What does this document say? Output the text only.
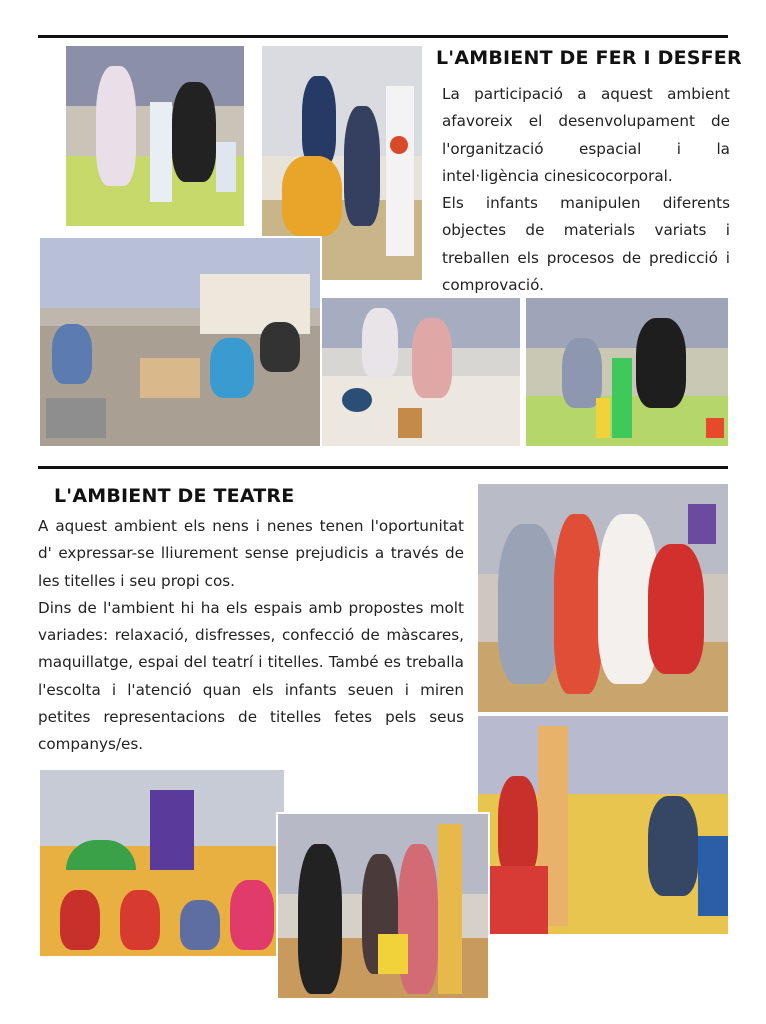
L'AMBIENT DE FER I DESFER

La participació a aquest ambient afavoreix el desenvolupament de l'organització espacial i la intel·ligència cinesicocorporal.

Els infants manipulen diferents objectes de materials variats i treballen els procesos de predicció i comprovació.

L'AMBIENT DE TEATRE

A aquest ambient els nens i nenes tenen l'oportunitat d' expressar-se lliurement sense prejudicis a través de les titelles i seu propi cos.

Dins de l'ambient hi ha els espais amb propostes molt variades: relaxació, disfresses, confecció de màscares, maquillatge, espai del teatrí i titelles. També es treballa l'escolta i l'atenció quan els infants seuen i miren petites representacions de titelles fetes pels seus companys/es.
